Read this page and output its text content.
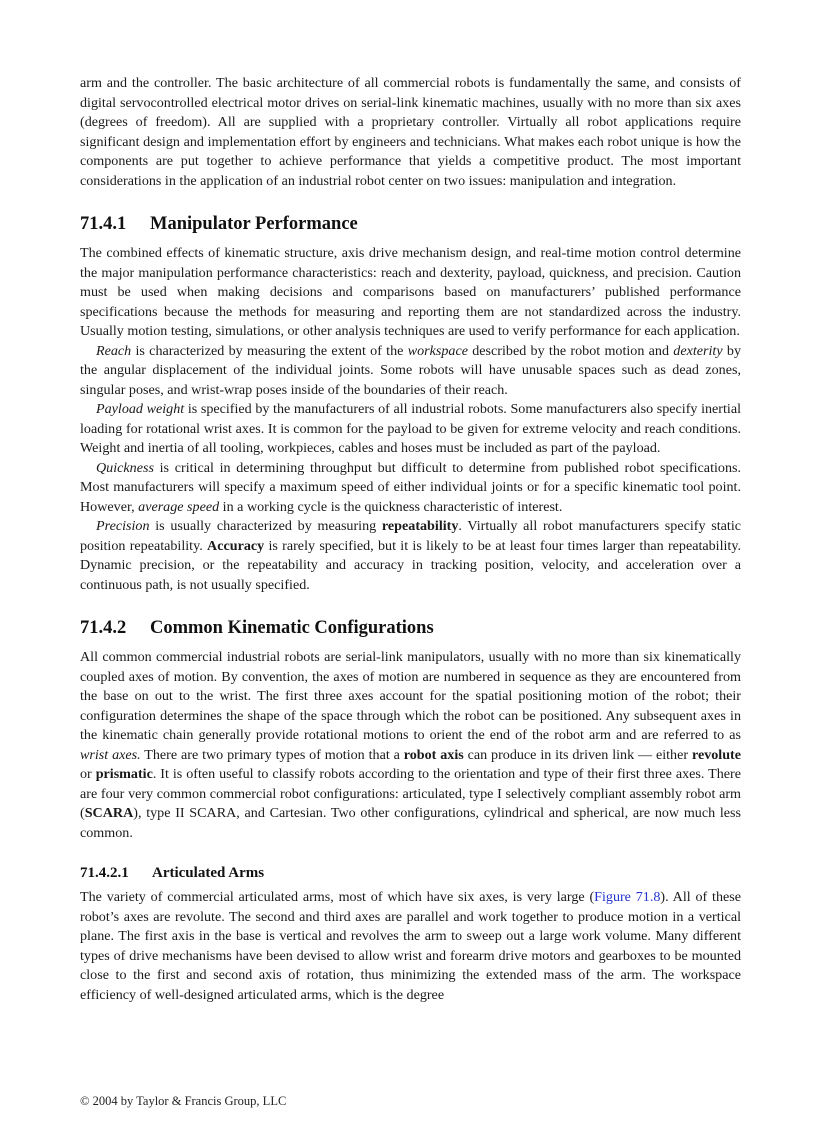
arm and the controller. The basic architecture of all commercial robots is fundamentally the same, and consists of digital servocontrolled electrical motor drives on serial-link kinematic machines, usually with no more than six axes (degrees of freedom). All are supplied with a proprietary controller. Virtually all robot applications require significant design and implementation effort by engineers and technicians. What makes each robot unique is how the components are put together to achieve performance that yields a competitive product. The most important considerations in the application of an industrial robot center on two issues: manipulation and integration.

71.4.1 Manipulator Performance

The combined effects of kinematic structure, axis drive mechanism design, and real-time motion control determine the major manipulation performance characteristics: reach and dexterity, payload, quickness, and precision. Caution must be used when making decisions and comparisons based on manufacturers’ published performance specifications because the methods for measuring and reporting them are not standardized across the industry. Usually motion testing, simulations, or other analysis techniques are used to verify performance for each application.

Reach is characterized by measuring the extent of the workspace described by the robot motion and dexterity by the angular displacement of the individual joints. Some robots will have unusable spaces such as dead zones, singular poses, and wrist-wrap poses inside of the boundaries of their reach.

Payload weight is specified by the manufacturers of all industrial robots. Some manufacturers also specify inertial loading for rotational wrist axes. It is common for the payload to be given for extreme velocity and reach conditions. Weight and inertia of all tooling, workpieces, cables and hoses must be included as part of the payload.

Quickness is critical in determining throughput but difficult to determine from published robot specifications. Most manufacturers will specify a maximum speed of either individual joints or for a specific kinematic tool point. However, average speed in a working cycle is the quickness characteristic of interest.

Precision is usually characterized by measuring repeatability. Virtually all robot manufacturers specify static position repeatability. Accuracy is rarely specified, but it is likely to be at least four times larger than repeatability. Dynamic precision, or the repeatability and accuracy in tracking position, velocity, and acceleration over a continuous path, is not usually specified.

71.4.2 Common Kinematic Configurations

All common commercial industrial robots are serial-link manipulators, usually with no more than six kinematically coupled axes of motion. By convention, the axes of motion are numbered in sequence as they are encountered from the base on out to the wrist. The first three axes account for the spatial positioning motion of the robot; their configuration determines the shape of the space through which the robot can be positioned. Any subsequent axes in the kinematic chain generally provide rotational motions to orient the end of the robot arm and are referred to as wrist axes. There are two primary types of motion that a robot axis can produce in its driven link — either revolute or prismatic. It is often useful to classify robots according to the orientation and type of their first three axes. There are four very common commercial robot configurations: articulated, type I selectively compliant assembly robot arm (SCARA), type II SCARA, and Cartesian. Two other configurations, cylindrical and spherical, are now much less common.

71.4.2.1 Articulated Arms

The variety of commercial articulated arms, most of which have six axes, is very large (Figure 71.8). All of these robot’s axes are revolute. The second and third axes are parallel and work together to produce motion in a vertical plane. The first axis in the base is vertical and revolves the arm to sweep out a large work volume. Many different types of drive mechanisms have been devised to allow wrist and forearm drive motors and gearboxes to be mounted close to the first and second axis of rotation, thus minimizing the extended mass of the arm. The workspace efficiency of well-designed articulated arms, which is the degree

© 2004 by Taylor & Francis Group, LLC
